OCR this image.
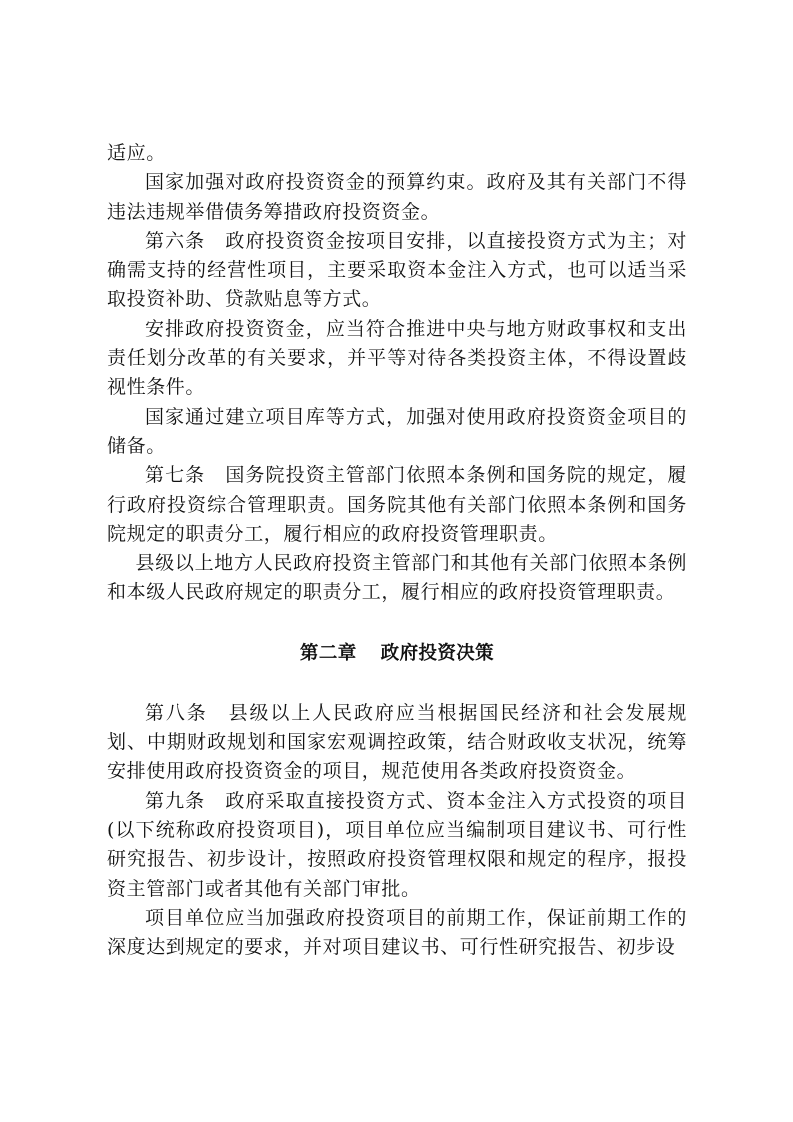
适应。

国家加强对政府投资资金的预算约束。政府及其有关部门不得违法违规举借债务筹措政府投资资金。

第六条　政府投资资金按项目安排，以直接投资方式为主；对确需支持的经营性项目，主要采取资本金注入方式，也可以适当采取投资补助、贷款贴息等方式。

安排政府投资资金，应当符合推进中央与地方财政事权和支出责任划分改革的有关要求，并平等对待各类投资主体，不得设置歧视性条件。

国家通过建立项目库等方式，加强对使用政府投资资金项目的储备。

第七条　国务院投资主管部门依照本条例和国务院的规定，履行政府投资综合管理职责。国务院其他有关部门依照本条例和国务院规定的职责分工，履行相应的政府投资管理职责。

县级以上地方人民政府投资主管部门和其他有关部门依照本条例和本级人民政府规定的职责分工，履行相应的政府投资管理职责。

第二章 政府投资决策

第八条　县级以上人民政府应当根据国民经济和社会发展规划、中期财政规划和国家宏观调控政策，结合财政收支状况，统筹安排使用政府投资资金的项目，规范使用各类政府投资资金。

第九条　政府采取直接投资方式、资本金注入方式投资的项目(以下统称政府投资项目)，项目单位应当编制项目建议书、可行性研究报告、初步设计，按照政府投资管理权限和规定的程序，报投资主管部门或者其他有关部门审批。

项目单位应当加强政府投资项目的前期工作，保证前期工作的深度达到规定的要求，并对项目建议书、可行性研究报告、初步设
